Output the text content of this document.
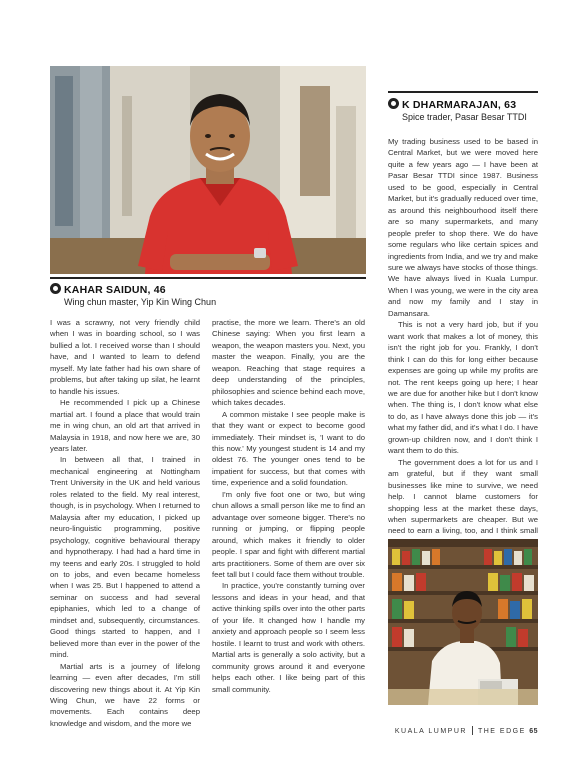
KAHAR SAIDUN, 46
Wing chun master, Yip Kin Wing Chun

I was a scrawny, not very friendly child when I was in boarding school, so I was bullied a lot. I received worse than I should have, and I wanted to learn to defend myself. My late father had his own share of problems, but after taking up silat, he learnt to handle his issues.

He recommended I pick up a Chinese martial art. I found a place that would train me in wing chun, an old art that arrived in Malaysia in 1918, and now here we are, 30 years later.

In between all that, I trained in mechanical engineering at Nottingham Trent University in the UK and held various roles related to the field. My real interest, though, is in psychology. When I returned to Malaysia after my education, I picked up neuro-linguistic programming, positive psychology, cognitive behavioural therapy and hypnotherapy. I had had a hard time in my teens and early 20s. I struggled to hold on to jobs, and even became homeless when I was 25. But I happened to attend a seminar on success and had several epiphanies, which led to a change of mindset and, subsequently, circumstances. Good things started to happen, and I believed more than ever in the power of the mind.

Martial arts is a journey of lifelong learning — even after decades, I'm still discovering new things about it. At Yip Kin Wing Chun, we have 22 forms or movements. Each contains deep knowledge and wisdom, and the more we

practise, the more we learn. There's an old Chinese saying: When you first learn a weapon, the weapon masters you. Next, you master the weapon. Finally, you are the weapon. Reaching that stage requires a deep understanding of the principles, philosophies and science behind each move, which takes decades.

A common mistake I see people make is that they want or expect to become good immediately. Their mindset is, 'I want to do this now.' My youngest student is 14 and my oldest 76. The younger ones tend to be impatient for success, but that comes with time, experience and a solid foundation.

I'm only five foot one or two, but wing chun allows a small person like me to find an advantage over someone bigger. There's no running or jumping, or flipping people around, which makes it friendly to older people. I spar and fight with different martial arts practitioners. Some of them are over six feet tall but I could face them without trouble.

In practice, you're constantly turning over lessons and ideas in your head, and that active thinking spills over into the other parts of your life. It changed how I handle my anxiety and approach people so I seem less hostile. I learnt to trust and work with others. Martial arts is generally a solo activity, but a community grows around it and everyone helps each other. I like being part of this small community.

K DHARMARAJAN, 63
Spice trader, Pasar Besar TTDI

My trading business used to be based in Central Market, but we were moved here quite a few years ago — I have been at Pasar Besar TTDI since 1987. Business used to be good, especially in Central Market, but it's gradually reduced over time, as around this neighbourhood itself there are so many supermarkets, and many people prefer to shop there. We do have some regulars who like certain spices and ingredients from India, and we try and make sure we always have stocks of those things. We have always lived in Kuala Lumpur. When I was young, we were in the city area and now my family and I stay in Damansara.

This is not a very hard job, but if you want work that makes a lot of money, this isn't the right job for you. Frankly, I don't think I can do this for long either because expenses are going up while my profits are not. The rent keeps going up here; I hear we are due for another hike but I don't know when. The thing is, I don't know what else to do, as I have always done this job — it's what my father did, and it's what I do. I have grown-up children now, and I don't think I want them to do this.

The government does a lot for us and I am grateful, but if they want small businesses like mine to survive, we need help. I cannot blame customers for shopping less at the market these days, when supermarkets are cheaper. But we need to earn a living, too, and I think small

KUALA LUMPUR THE EDGE 65
